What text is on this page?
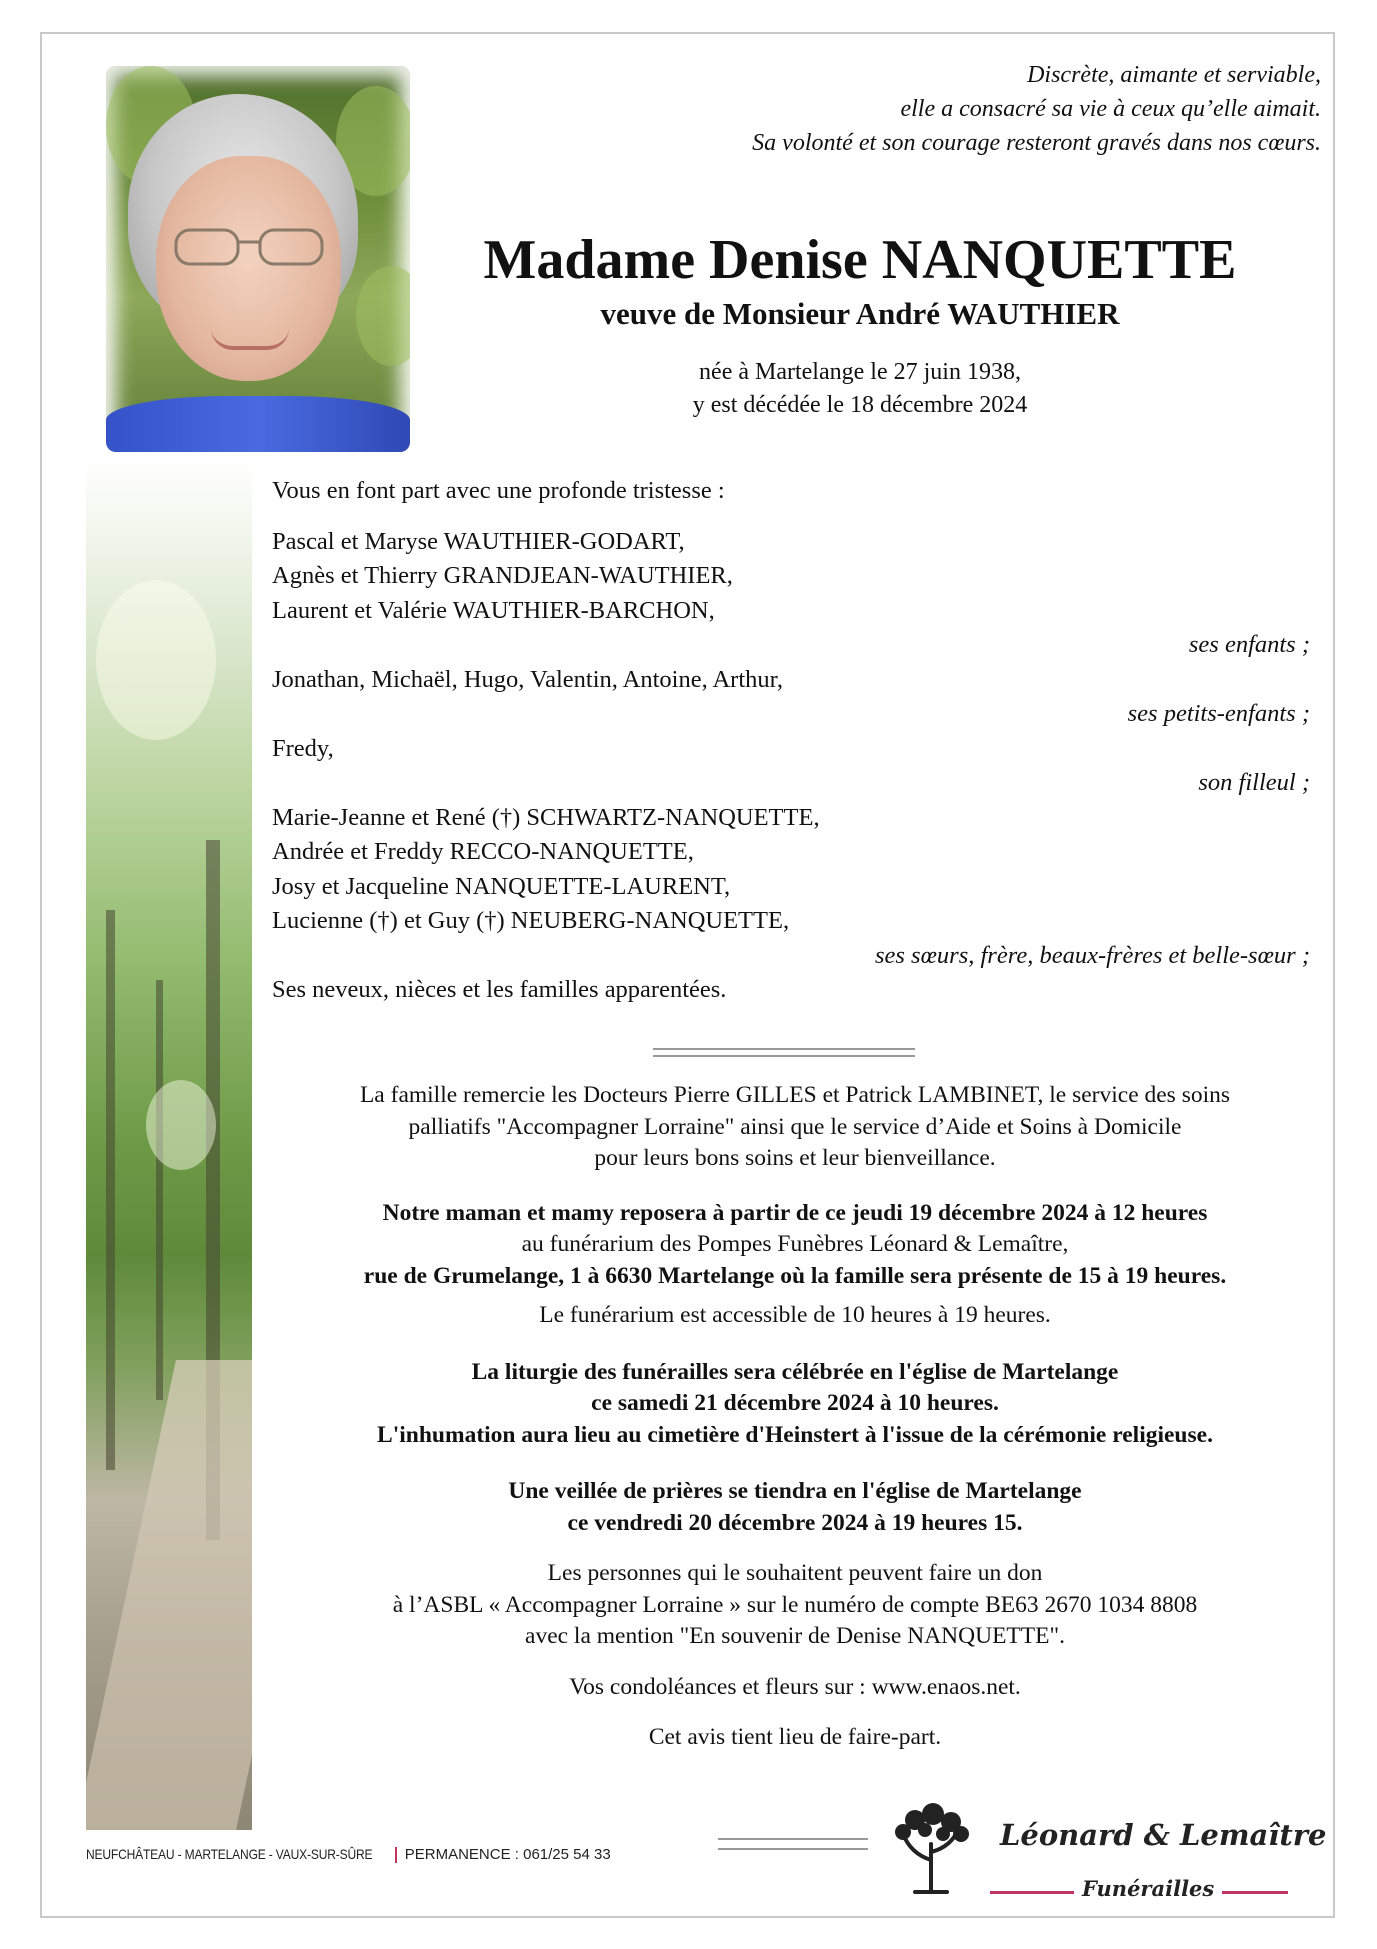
Discrète, aimante et serviable,
elle a consacré sa vie à ceux qu’elle aimait.
Sa volonté et son courage resteront gravés dans nos cœurs.
Madame Denise NANQUETTE
veuve de Monsieur André WAUTHIER
née à Martelange le 27 juin 1938,
y est décédée le 18 décembre 2024
Vous en font part avec une profonde tristesse :
Pascal et Maryse WAUTHIER-GODART,
Agnès et Thierry GRANDJEAN-WAUTHIER,
Laurent et Valérie WAUTHIER-BARCHON,
ses enfants ;
Jonathan, Michaël, Hugo, Valentin, Antoine, Arthur,
ses petits-enfants ;
Fredy,
son filleul ;
Marie-Jeanne et René (†) SCHWARTZ-NANQUETTE,
Andrée et Freddy RECCO-NANQUETTE,
Josy et Jacqueline NANQUETTE-LAURENT,
Lucienne (†) et Guy (†) NEUBERG-NANQUETTE,
ses sœurs, frère, beaux-frères et belle-sœur ;
Ses neveux, nièces et les familles apparentées.
La famille remercie les Docteurs Pierre GILLES et Patrick LAMBINET, le service des soins
palliatifs "Accompagner Lorraine" ainsi que le service d’Aide et Soins à Domicile
pour leurs bons soins et leur bienveillance.
Notre maman et mamy reposera à partir de ce jeudi 19 décembre 2024 à 12 heures
au funérarium des Pompes Funèbres Léonard & Lemaître,
rue de Grumelange, 1 à 6630 Martelange où la famille sera présente de 15 à 19 heures.
Le funérarium est accessible de 10 heures à 19 heures.
La liturgie des funérailles sera célébrée en l'église de Martelange
ce samedi 21 décembre 2024 à 10 heures.
L'inhumation aura lieu au cimetière d'Heinstert à l'issue de la cérémonie religieuse.
Une veillée de prières se tiendra en l'église de Martelange
ce vendredi 20 décembre 2024 à 19 heures 15.
Les personnes qui le souhaitent peuvent faire un don
à l’ASBL « Accompagner Lorraine » sur le numéro de compte BE63 2670 1034 8808
avec la mention "En souvenir de Denise NANQUETTE".
Vos condoléances et fleurs sur : www.enaos.net.
Cet avis tient lieu de faire-part.
NEUFCHÂTEAU - MARTELANGE - VAUX-SUR-SÛRE PERMANENCE : 061/25 54 33
Léonard & Lemaître
Funérailles
